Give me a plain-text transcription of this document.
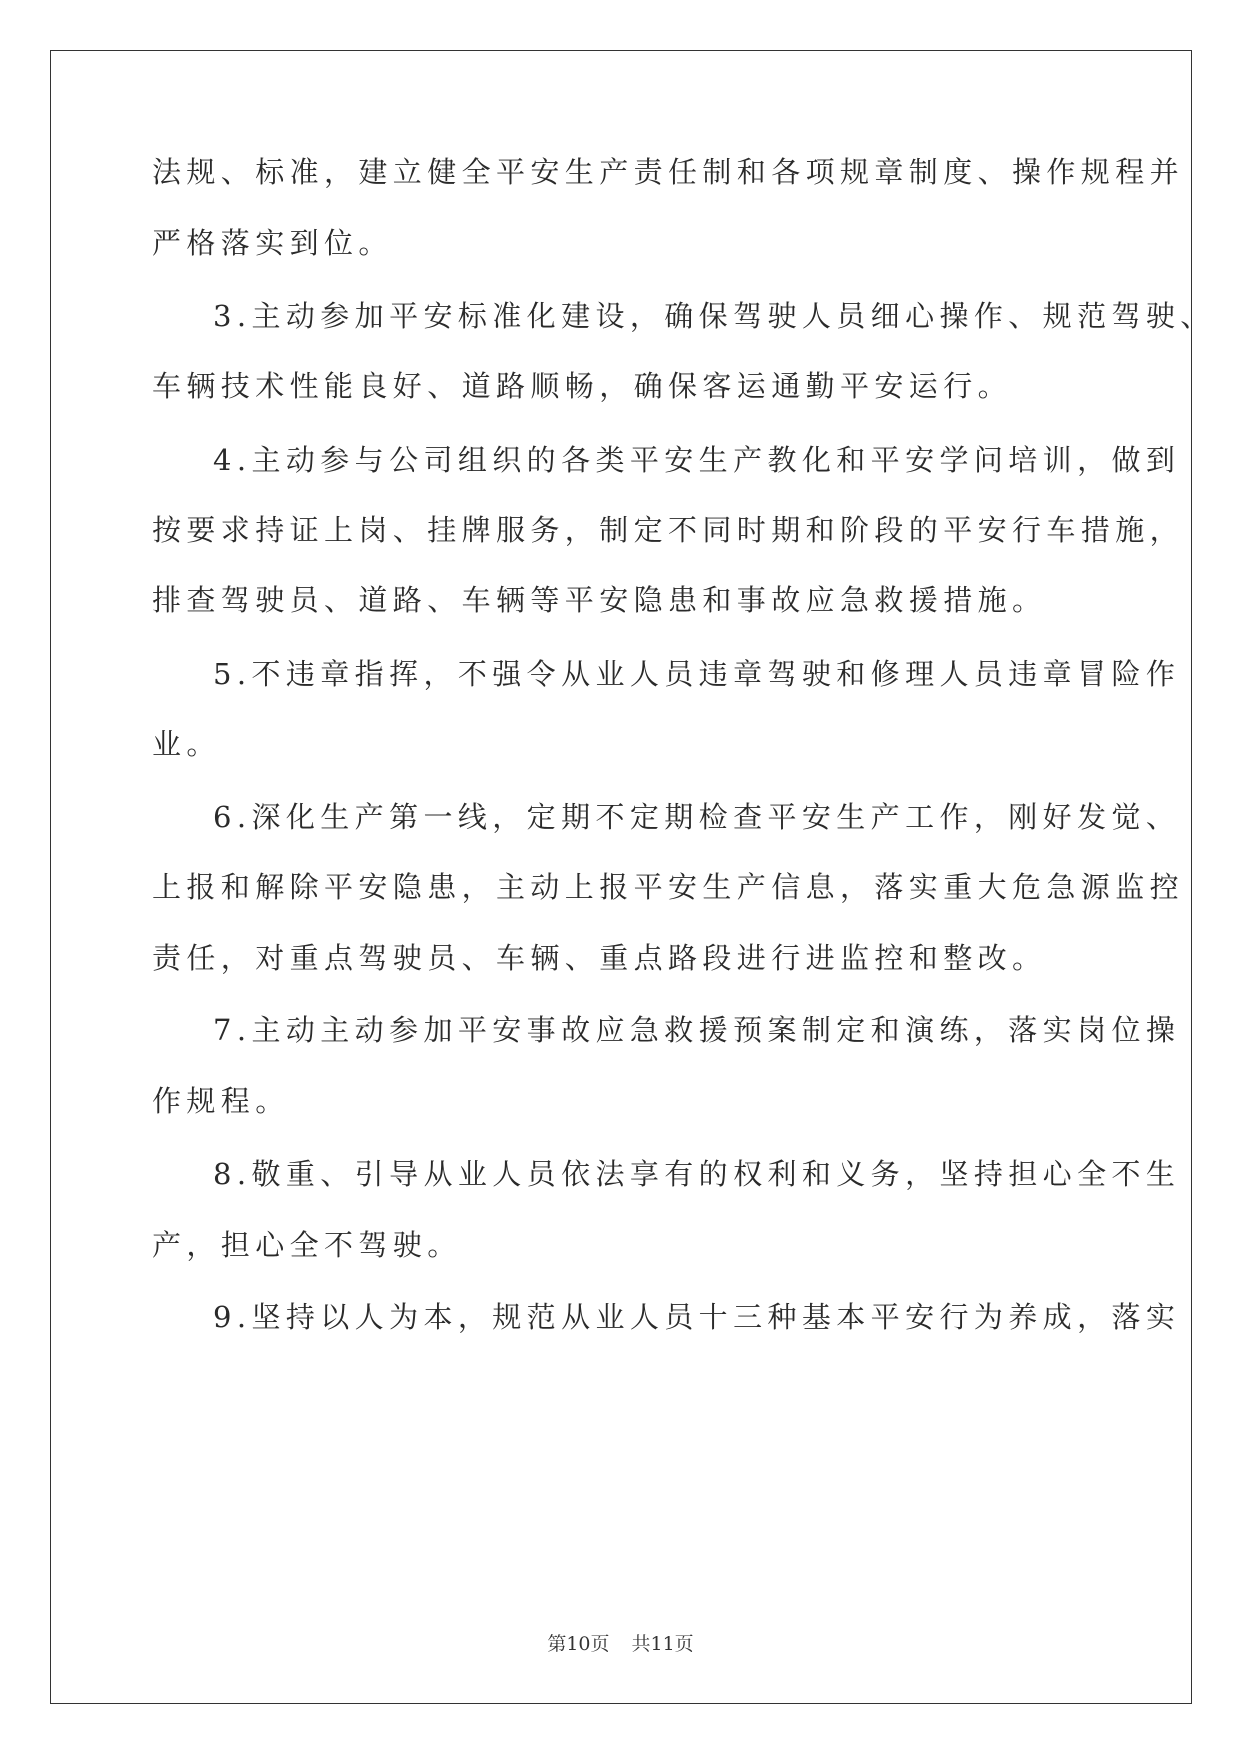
法规、标准，建立健全平安生产责任制和各项规章制度、操作规程并
严格落实到位。
3.主动参加平安标准化建设，确保驾驶人员细心操作、规范驾驶、
车辆技术性能良好、道路顺畅，确保客运通勤平安运行。
4.主动参与公司组织的各类平安生产教化和平安学问培训，做到
按要求持证上岗、挂牌服务，制定不同时期和阶段的平安行车措施，
排查驾驶员、道路、车辆等平安隐患和事故应急救援措施。
5.不违章指挥，不强令从业人员违章驾驶和修理人员违章冒险作
业。
6.深化生产第一线，定期不定期检查平安生产工作，刚好发觉、
上报和解除平安隐患，主动上报平安生产信息，落实重大危急源监控
责任，对重点驾驶员、车辆、重点路段进行进监控和整改。
7.主动主动参加平安事故应急救援预案制定和演练，落实岗位操
作规程。
8.敬重、引导从业人员依法享有的权利和义务，坚持担心全不生
产，担心全不驾驶。
9.坚持以人为本，规范从业人员十三种基本平安行为养成，落实
第10页 共11页
